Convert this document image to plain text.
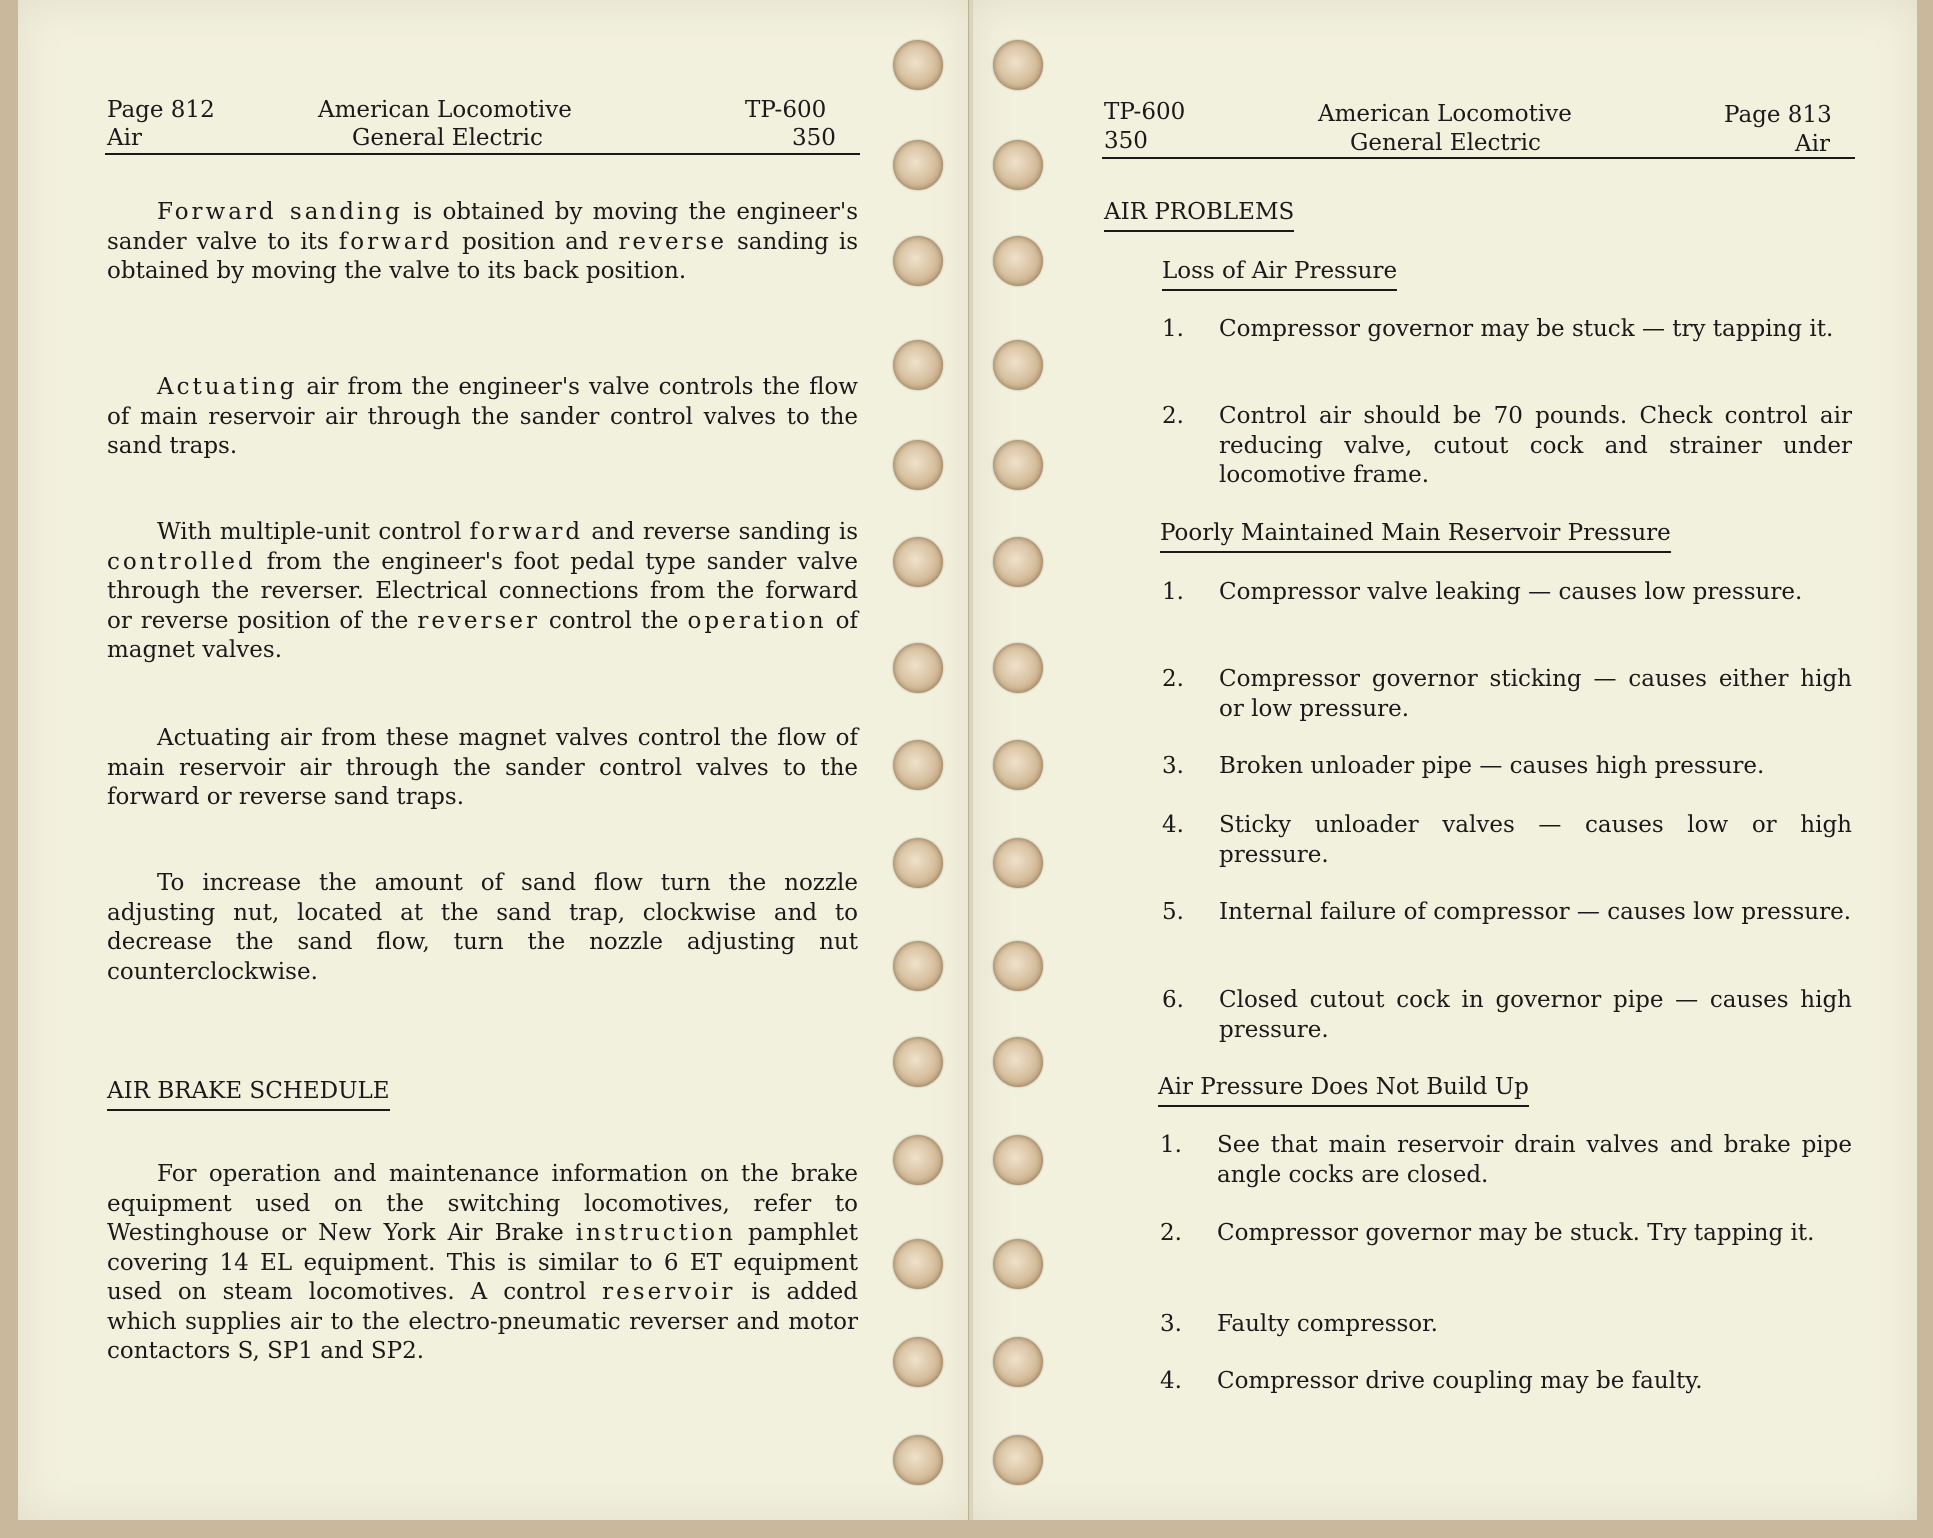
Page 812
Air
American Locomotive
General Electric
TP-600
350

Forward sanding is obtained by moving the engineer's sander valve to its forward position and reverse sanding is obtained by moving the valve to its back position.

Actuating air from the engineer's valve controls the flow of main reservoir air through the sander control valves to the sand traps.

With multiple-unit control forward and reverse sanding is controlled from the engineer's foot pedal type sander valve through the reverser. Electrical connections from the forward or reverse position of the reverser control the operation of magnet valves.

Actuating air from these magnet valves control the flow of main reservoir air through the sander control valves to the forward or reverse sand traps.

To increase the amount of sand flow turn the nozzle adjusting nut, located at the sand trap, clockwise and to decrease the sand flow, turn the nozzle adjusting nut counterclockwise.

AIR BRAKE SCHEDULE

For operation and maintenance information on the brake equipment used on the switching locomotives, refer to Westinghouse or New York Air Brake instruction pamphlet covering 14 EL equipment. This is similar to 6 ET equipment used on steam locomotives. A control reservoir is added which supplies air to the electro-pneumatic reverser and motor contactors S, SP1 and SP2.

TP-600
350
American Locomotive
General Electric
Page 813
Air
AIR PROBLEMS
Loss of Air Pressure
1. Compressor governor may be stuck — try tapping it.
2. Control air should be 70 pounds. Check control air reducing valve, cutout cock and strainer under locomotive frame.
Poorly Maintained Main Reservoir Pressure
1. Compressor valve leaking — causes low pressure.
2. Compressor governor sticking — causes either high or low pressure.
3. Broken unloader pipe — causes high pressure.
4. Sticky unloader valves — causes low or high pressure.
5. Internal failure of compressor — causes low pressure.
6. Closed cutout cock in governor pipe — causes high pressure.
Air Pressure Does Not Build Up
1. See that main reservoir drain valves and brake pipe angle cocks are closed.
2. Compressor governor may be stuck. Try tapping it.
3. Faulty compressor.
4. Compressor drive coupling may be faulty.
